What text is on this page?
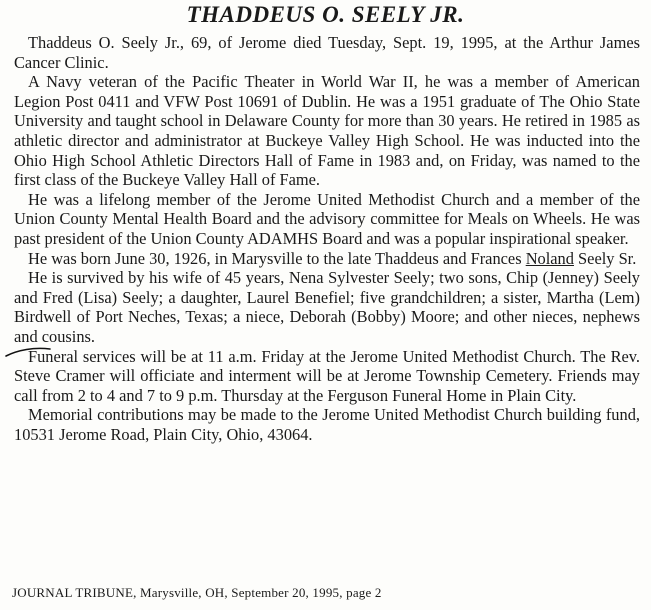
THADDEUS O. SEELY JR.

Thaddeus O. Seely Jr., 69, of Jerome died Tuesday, Sept. 19, 1995, at the Arthur James Cancer Clinic.

A Navy veteran of the Pacific Theater in World War II, he was a member of American Legion Post 0411 and VFW Post 10691 of Dublin. He was a 1951 graduate of The Ohio State University and taught school in Delaware County for more than 30 years. He retired in 1985 as athletic director and administrator at Buckeye Valley High School. He was inducted into the Ohio High School Athletic Directors Hall of Fame in 1983 and, on Friday, was named to the first class of the Buckeye Valley Hall of Fame.

He was a lifelong member of the Jerome United Methodist Church and a member of the Union County Mental Health Board and the advisory committee for Meals on Wheels. He was past president of the Union County ADAMHS Board and was a popular inspirational speaker.

He was born June 30, 1926, in Marysville to the late Thaddeus and Frances Noland Seely Sr.

He is survived by his wife of 45 years, Nena Sylvester Seely; two sons, Chip (Jenney) Seely and Fred (Lisa) Seely; a daughter, Laurel Benefiel; five grandchildren; a sister, Martha (Lem) Birdwell of Port Neches, Texas; a niece, Deborah (Bobby) Moore; and other nieces, nephews and cousins.

Funeral services will be at 11 a.m. Friday at the Jerome United Methodist Church. The Rev. Steve Cramer will officiate and interment will be at Jerome Township Cemetery. Friends may call from 2 to 4 and 7 to 9 p.m. Thursday at the Ferguson Funeral Home in Plain City.

Memorial contributions may be made to the Jerome United Methodist Church building fund, 10531 Jerome Road, Plain City, Ohio, 43064.

JOURNAL TRIBUNE, Marysville, OH, September 20, 1995, page 2
